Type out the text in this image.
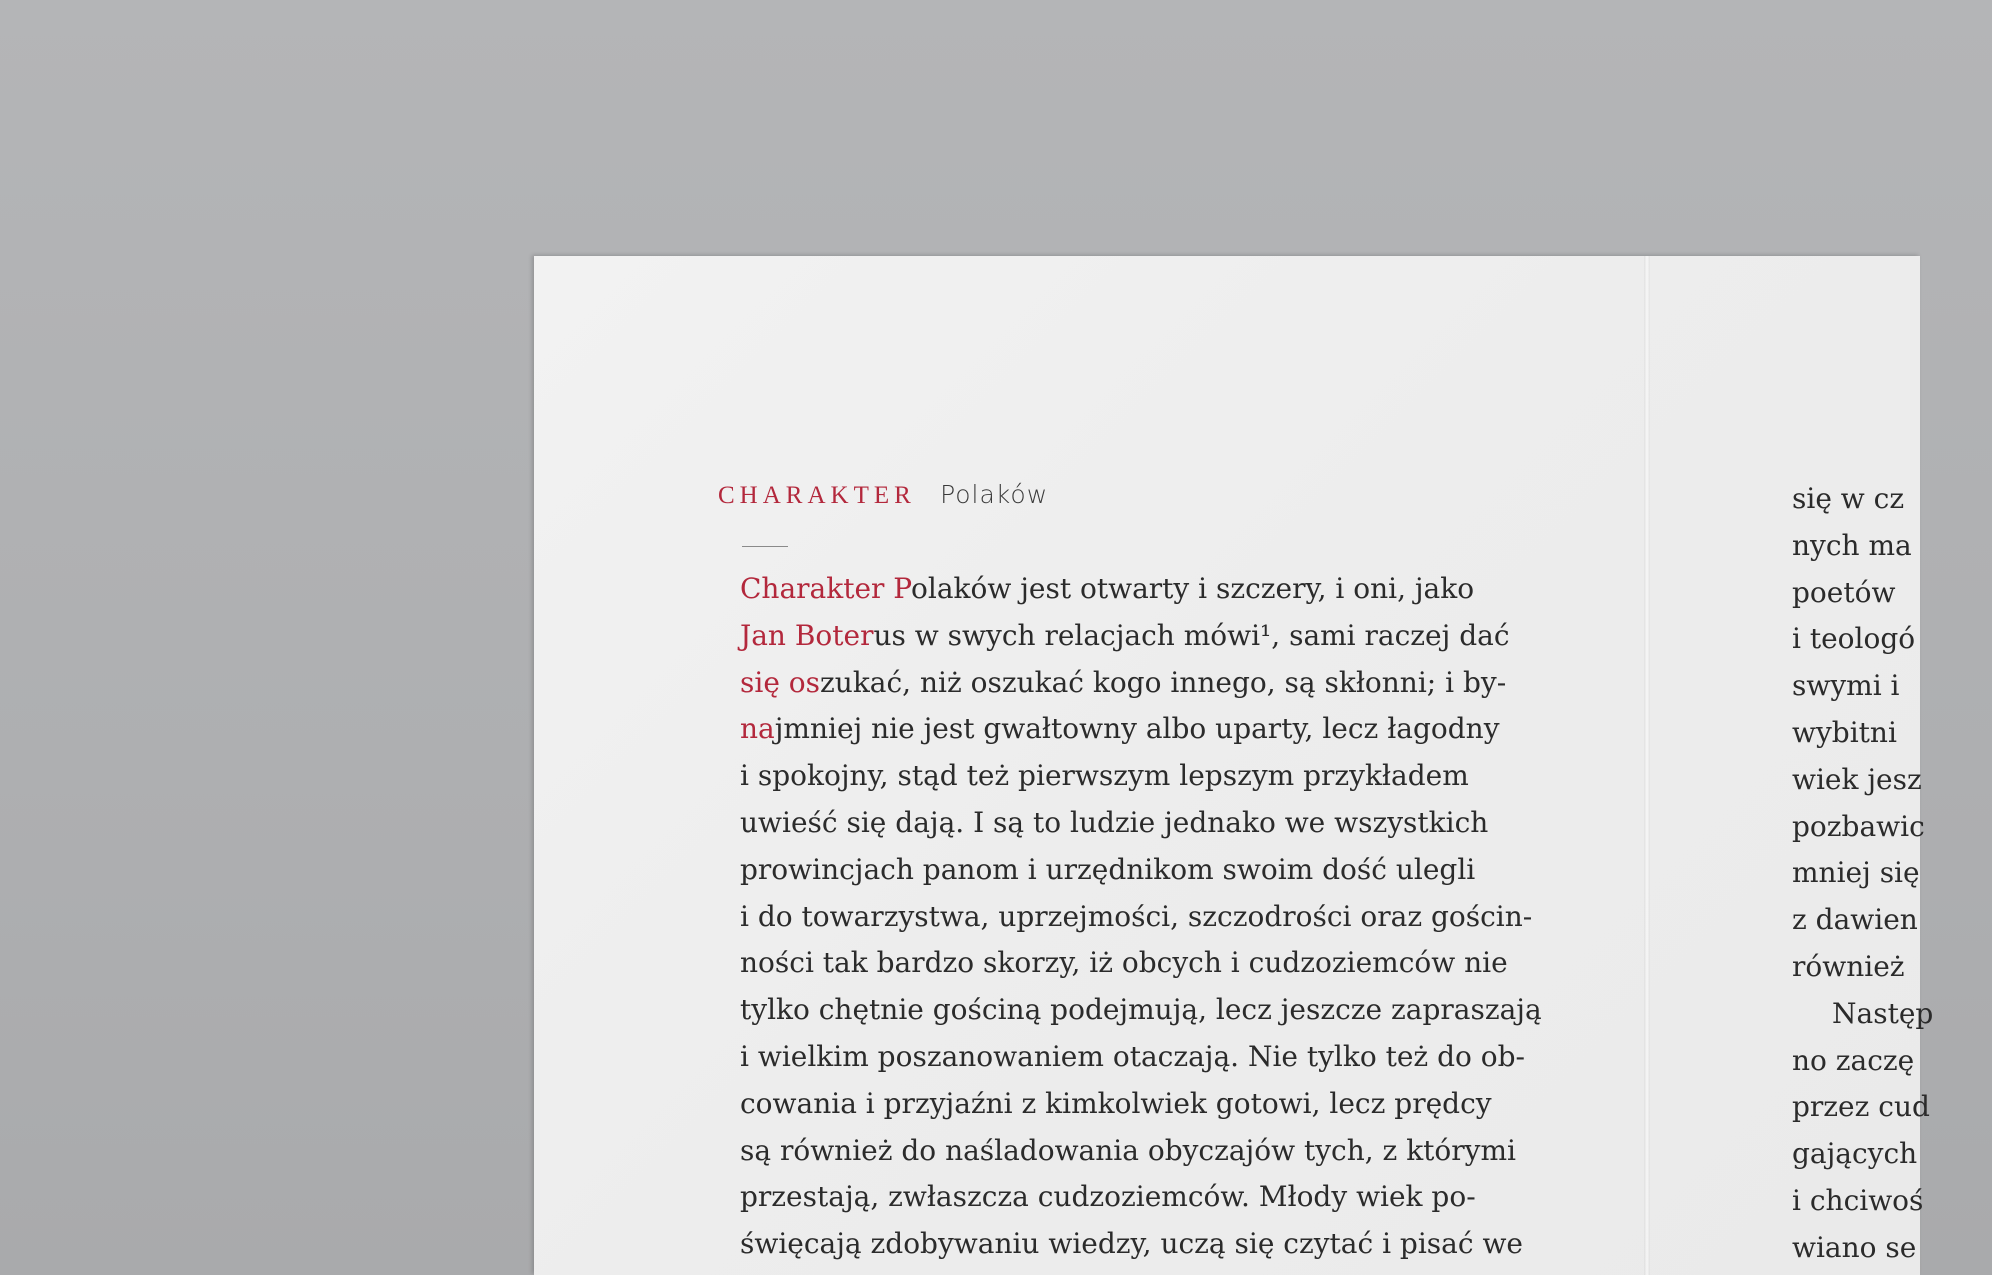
CHARAKTER Polaków
Charakter Polaków jest otwarty i szczery, i oni, jako
Jan Boterus w swych relacjach mówi¹, sami raczej dać
się oszukać, niż oszukać kogo innego, są skłonni; i by-
najmniej nie jest gwałtowny albo uparty, lecz łagodny
i spokojny, stąd też pierwszym lepszym przykładem
uwieść się dają. I są to ludzie jednako we wszystkich
prowincjach panom i urzędnikom swoim dość ulegli
i do towarzystwa, uprzejmości, szczodrości oraz gościn-
ności tak bardzo skorzy, iż obcych i cudzoziemców nie
tylko chętnie gościną podejmują, lecz jeszcze zapraszają
i wielkim poszanowaniem otaczają. Nie tylko też do ob-
cowania i przyjaźni z kimkolwiek gotowi, lecz prędcy
są również do naśladowania obyczajów tych, z którymi
przestają, zwłaszcza cudzoziemców. Młody wiek po-
święcają zdobywaniu wiedzy, uczą się czytać i pisać we
się w cz
nych ma
poetów
i teologó
swymi i
wybitni
wiek jesz
pozbawic
mniej się
z dawien
również
Następ
no zaczę
przez cud
gających
i chciwoś
wiano se
